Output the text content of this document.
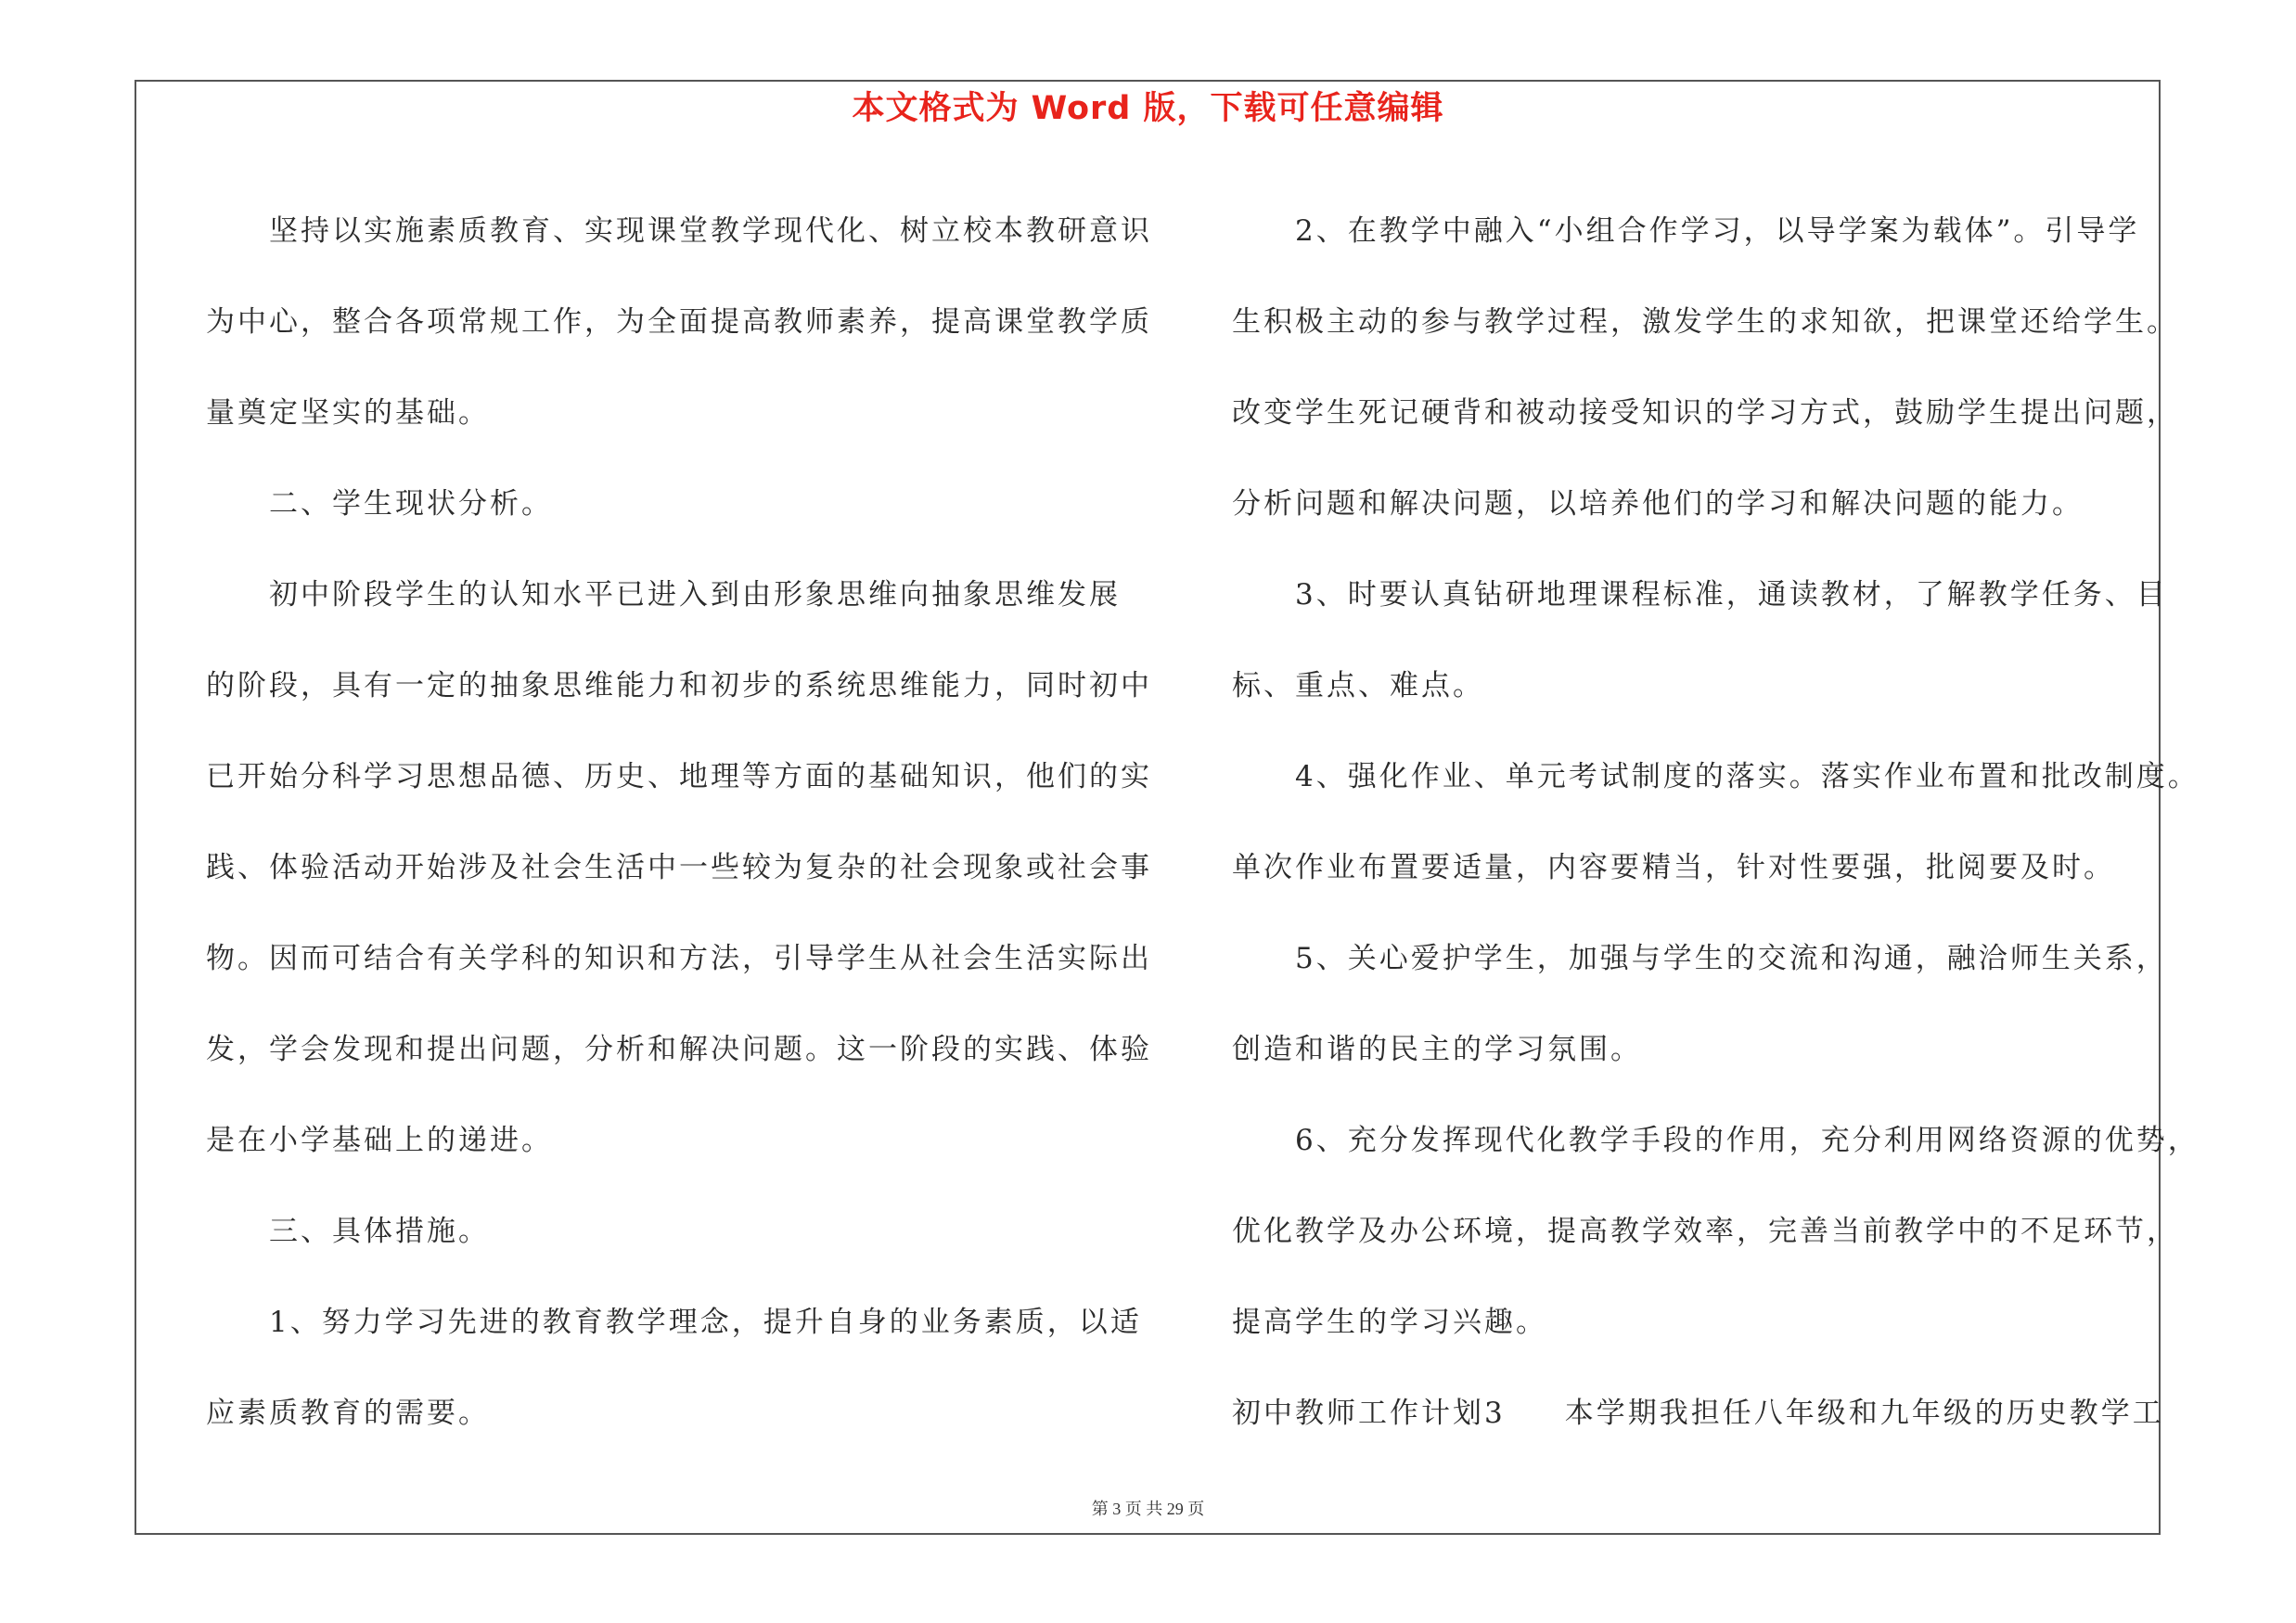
本文格式为 Word 版，下载可任意编辑

坚持以实施素质教育、实现课堂教学现代化、树立校本教研意识

为中心，整合各项常规工作，为全面提高教师素养，提高课堂教学质

量奠定坚实的基础。

二、学生现状分析。

初中阶段学生的认知水平已进入到由形象思维向抽象思维发展

的阶段，具有一定的抽象思维能力和初步的系统思维能力，同时初中

已开始分科学习思想品德、历史、地理等方面的基础知识，他们的实

践、体验活动开始涉及社会生活中一些较为复杂的社会现象或社会事

物。因而可结合有关学科的知识和方法，引导学生从社会生活实际出

发，学会发现和提出问题，分析和解决问题。这一阶段的实践、体验

是在小学基础上的递进。

三、具体措施。

1、努力学习先进的教育教学理念，提升自身的业务素质，以适

应素质教育的需要。

2、在教学中融入“小组合作学习，以导学案为载体”。引导学

生积极主动的参与教学过程，激发学生的求知欲，把课堂还给学生。

改变学生死记硬背和被动接受知识的学习方式，鼓励学生提出问题，

分析问题和解决问题，以培养他们的学习和解决问题的能力。

3、时要认真钻研地理课程标准，通读教材，了解教学任务、目

标、重点、难点。

4、强化作业、单元考试制度的落实。落实作业布置和批改制度。

单次作业布置要适量，内容要精当，针对性要强，批阅要及时。

5、关心爱护学生，加强与学生的交流和沟通，融洽师生关系，

创造和谐的民主的学习氛围。

6、充分发挥现代化教学手段的作用，充分利用网络资源的优势，

优化教学及办公环境，提高教学效率，完善当前教学中的不足环节，

提高学生的学习兴趣。

初中教师工作计划3 本学期我担任八年级和九年级的历史教学工

第 3 页 共 29 页
